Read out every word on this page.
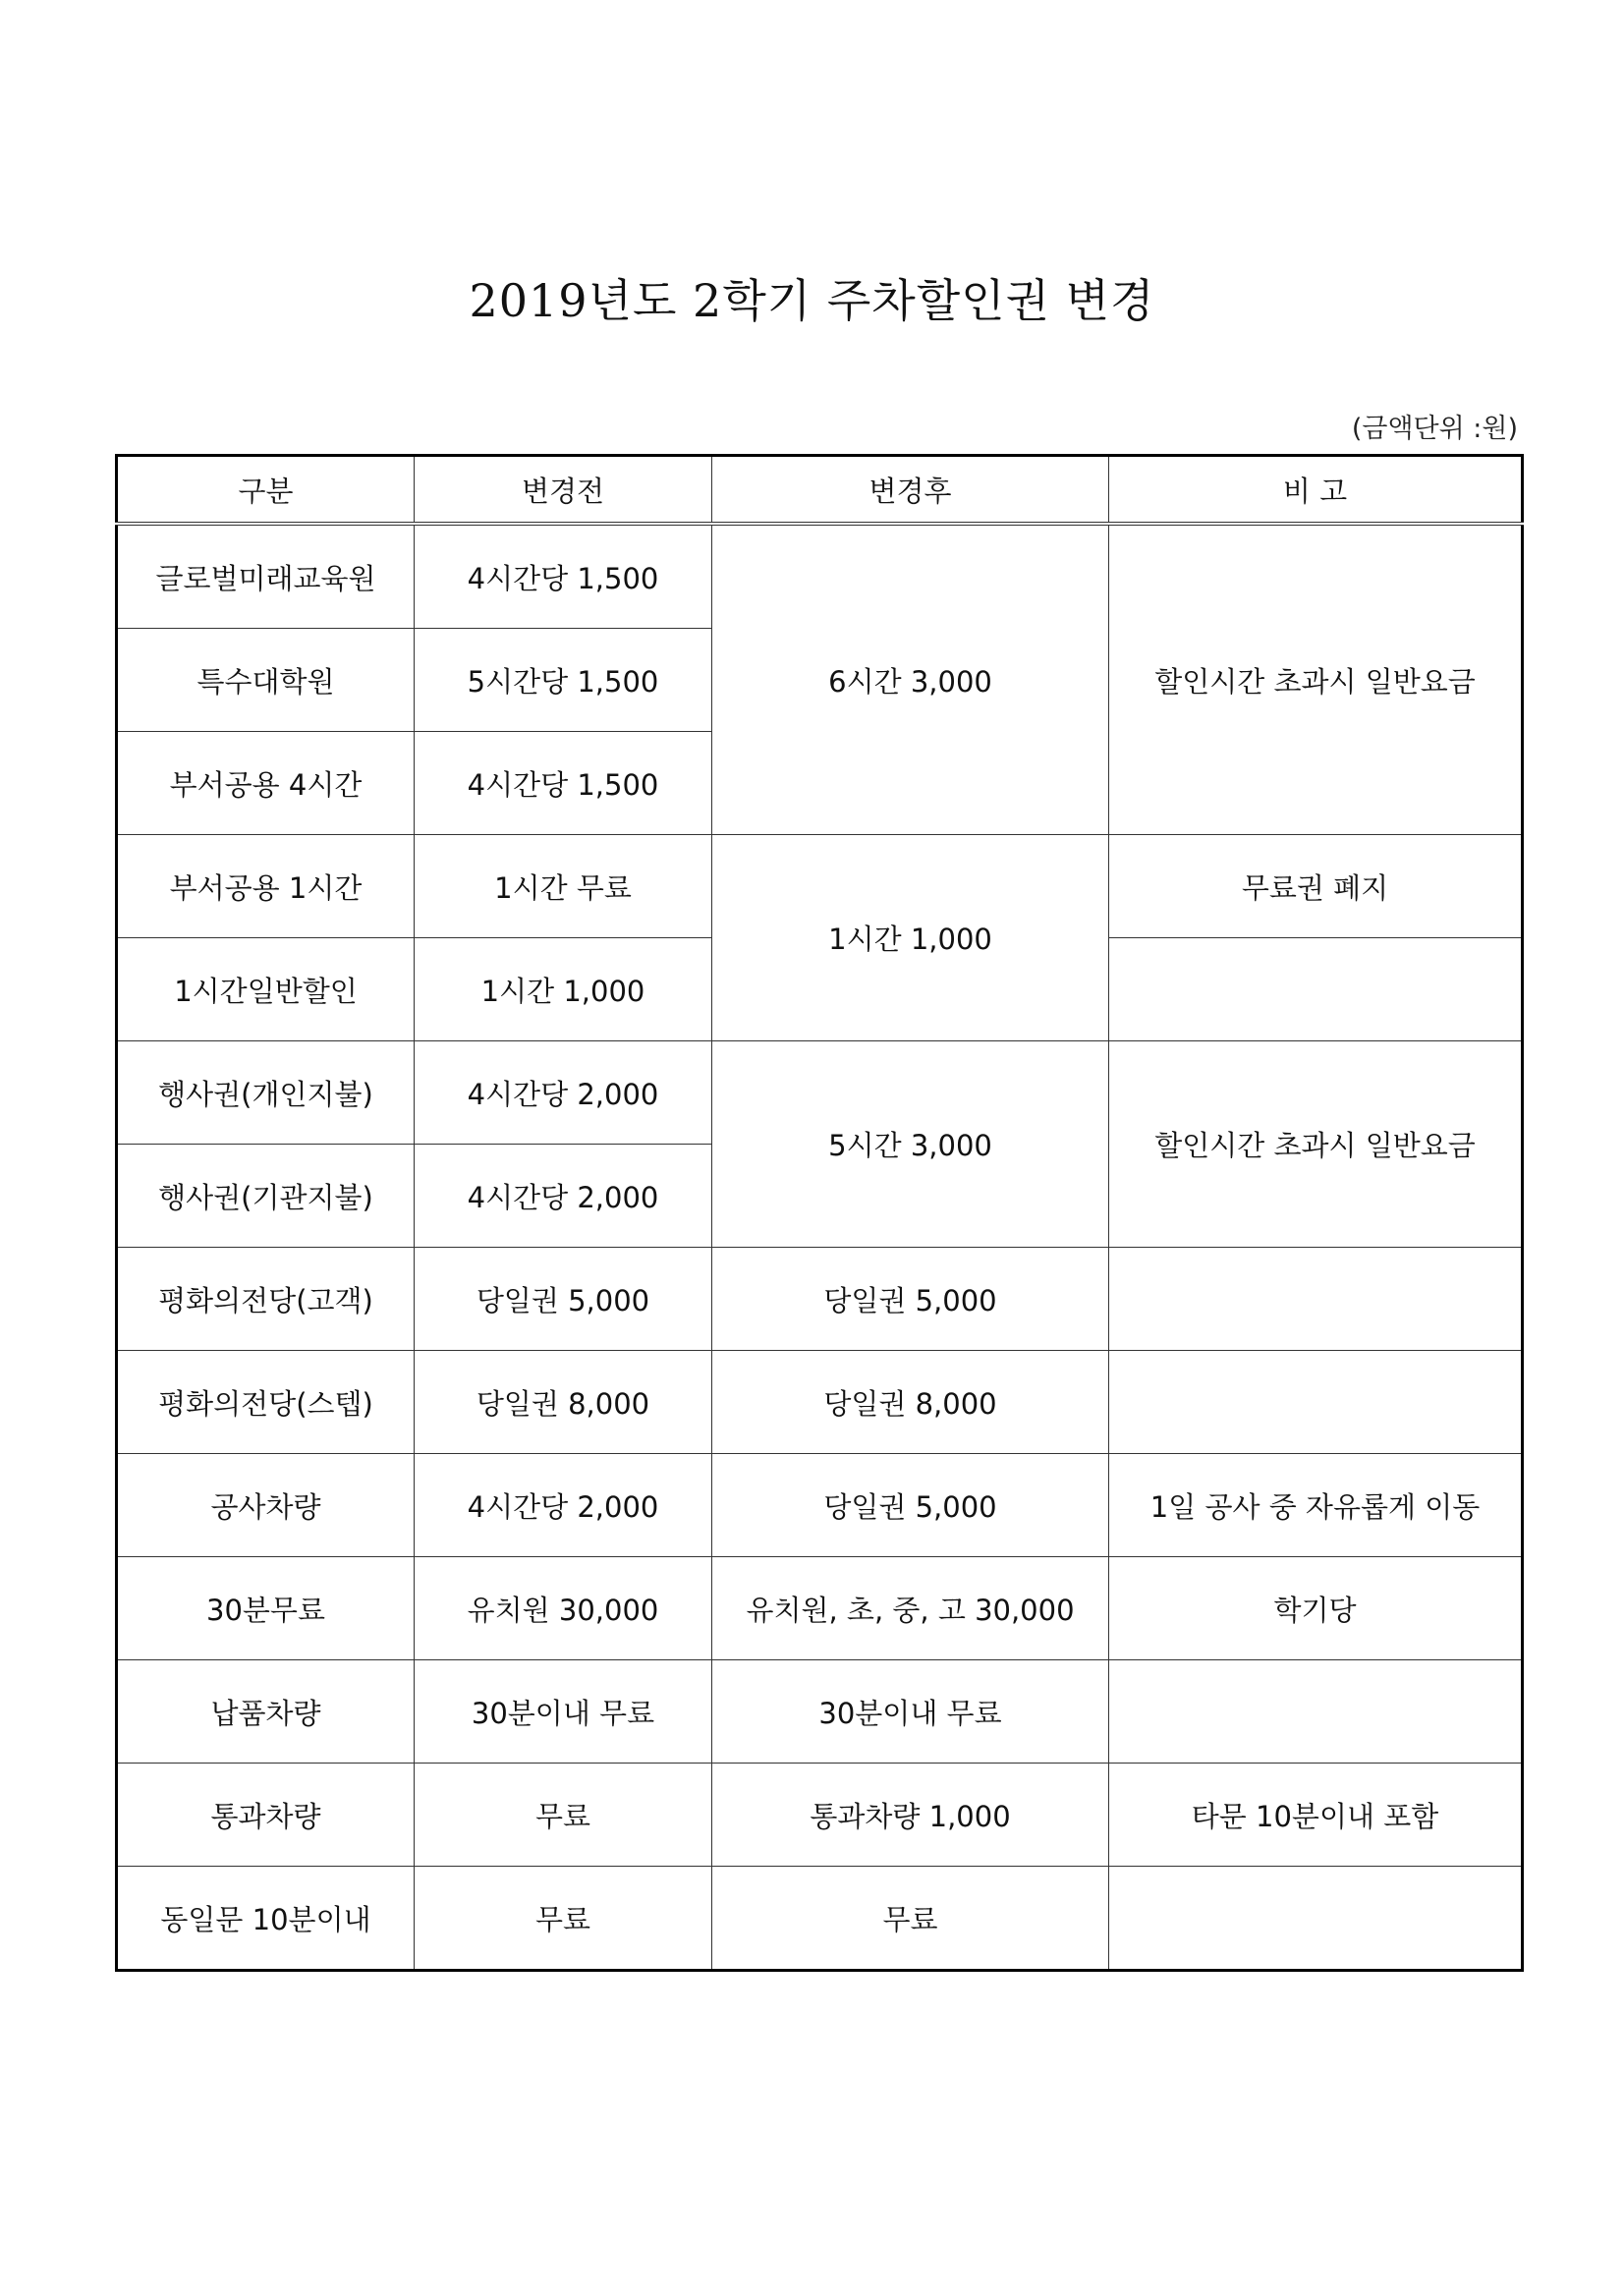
2019년도 2학기 주차할인권 변경
(금액단위 :원)
구분	변경전	변경후	비 고
글로벌미래교육원	4시간당 1,500	6시간 3,000	할인시간 초과시 일반요금
특수대학원	5시간당 1,500		
부서공용 4시간	4시간당 1,500		
부서공용 1시간	1시간 무료	1시간 1,000	무료권 폐지
1시간일반할인	1시간 1,000		
행사권(개인지불)	4시간당 2,000	5시간 3,000	할인시간 초과시 일반요금
행사권(기관지불)	4시간당 2,000		
평화의전당(고객)	당일권 5,000	당일권 5,000	
평화의전당(스텝)	당일권 8,000	당일권 8,000	
공사차량	4시간당 2,000	당일권 5,000	1일 공사 중 자유롭게 이동
30분무료	유치원 30,000	유치원, 초, 중, 고 30,000	학기당
납품차량	30분이내 무료	30분이내 무료	
통과차량	무료	통과차량 1,000	타문 10분이내 포함
동일문 10분이내	무료	무료	
